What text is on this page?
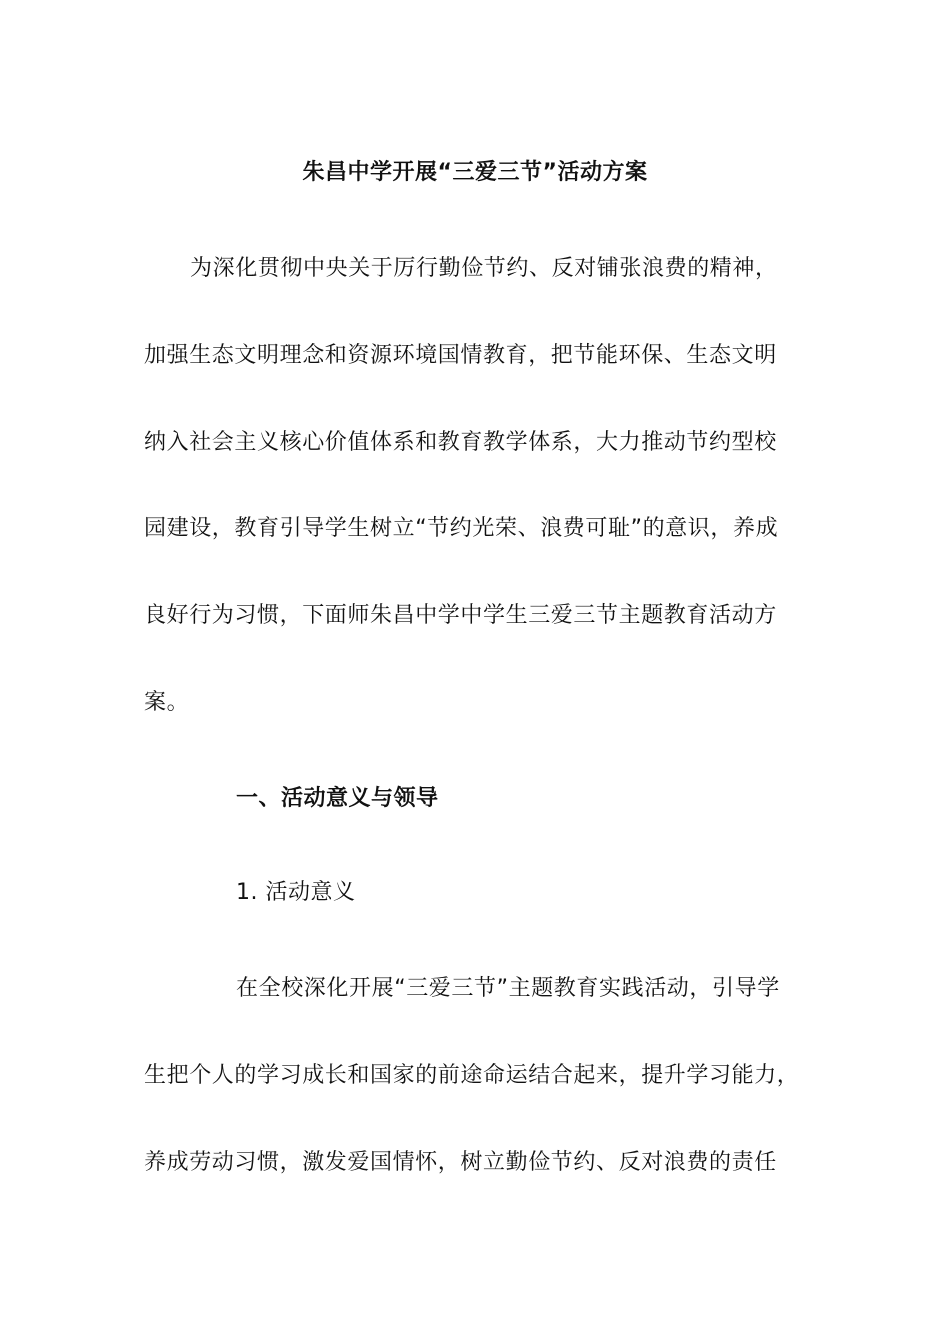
朱昌中学开展“三爱三节”活动方案
为深化贯彻中央关于厉行勤俭节约、反对铺张浪费的精神，
加强生态文明理念和资源环境国情教育，把节能环保、生态文明
纳入社会主义核心价值体系和教育教学体系，大力推动节约型校
园建设，教育引导学生树立“节约光荣、浪费可耻”的意识，养成
良好行为习惯，下面师朱昌中学中学生三爱三节主题教育活动方
案。
一、活动意义与领导
1. 活动意义
在全校深化开展“三爱三节”主题教育实践活动，引导学
生把个人的学习成长和国家的前途命运结合起来，提升学习能力，
养成劳动习惯，激发爱国情怀，树立勤俭节约、反对浪费的责任
